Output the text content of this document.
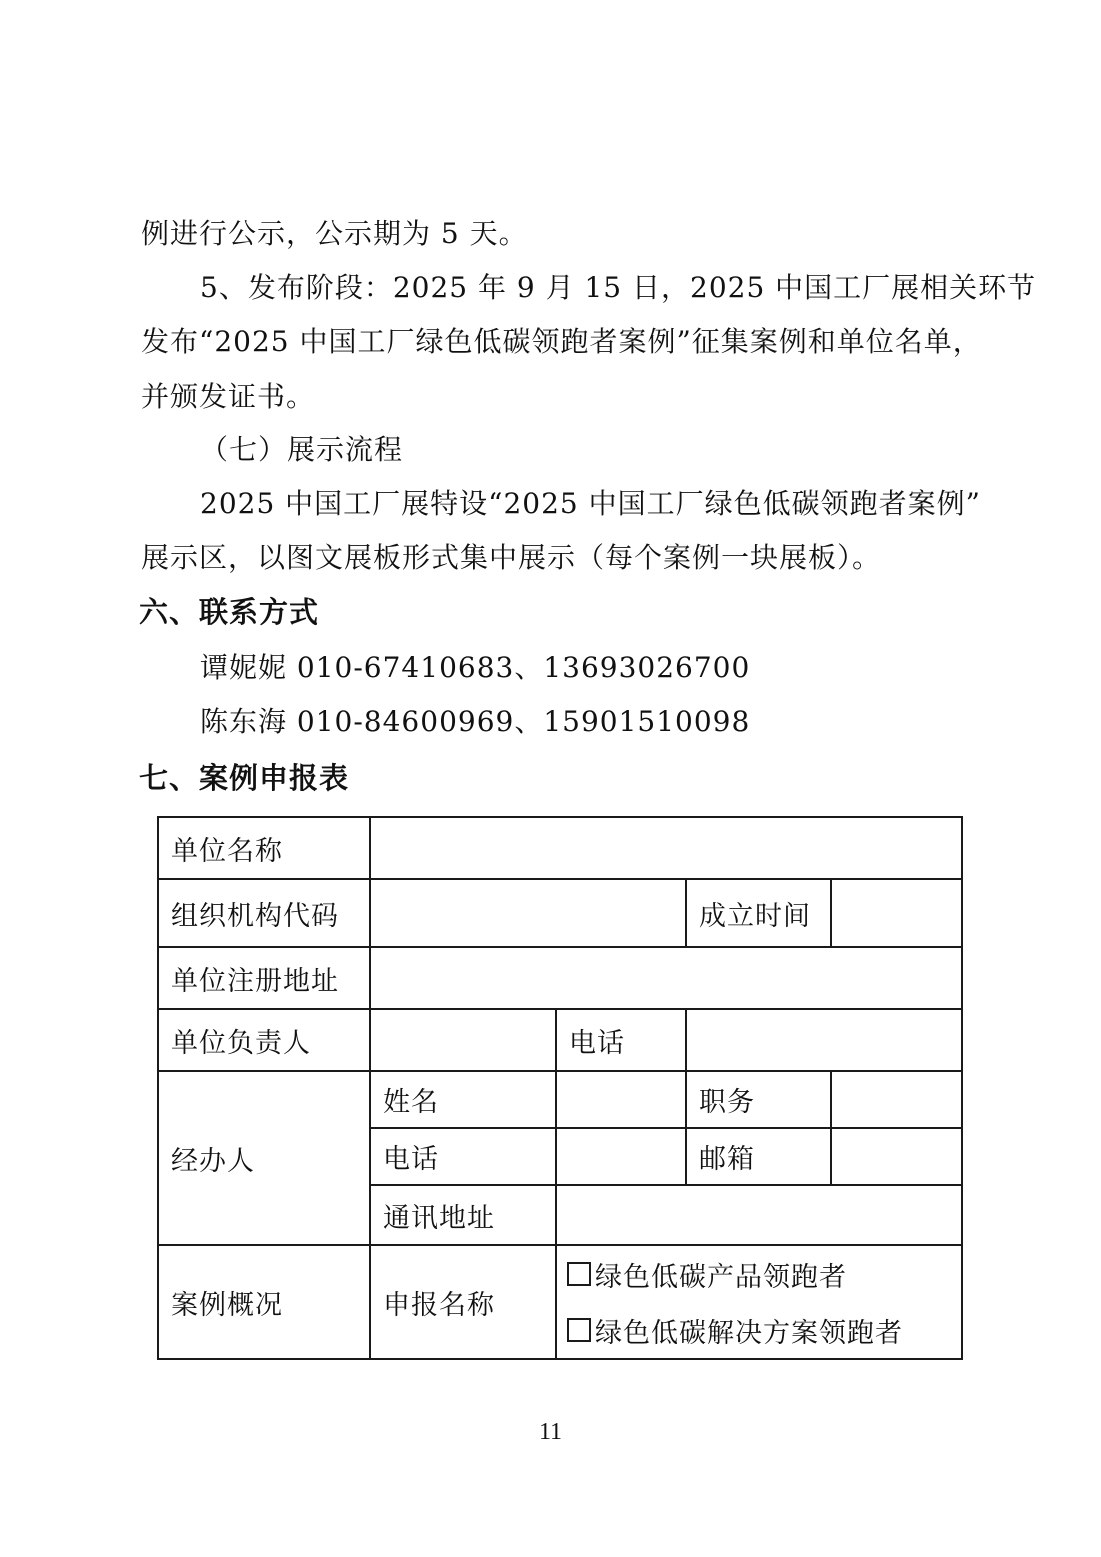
例进行公示，公示期为 5 天。
5、发布阶段：2025 年 9 月 15 日，2025 中国工厂展相关环节
发布“2025 中国工厂绿色低碳领跑者案例”征集案例和单位名单，
并颁发证书。
（七）展示流程
2025 中国工厂展特设“2025 中国工厂绿色低碳领跑者案例”
展示区，以图文展板形式集中展示（每个案例一块展板）。
六、联系方式
谭妮妮 010-67410683、13693026700
陈东海 010-84600969、15901510098
七、案例申报表
单位名称				
组织机构代码			成立时间	
单位注册地址				
单位负责人		电话		
经办人	姓名		职务	
	电话		邮箱	
	通讯地址			
案例概况	申报名称	绿色低碳产品领跑者
绿色低碳解决方案领跑者		
11
